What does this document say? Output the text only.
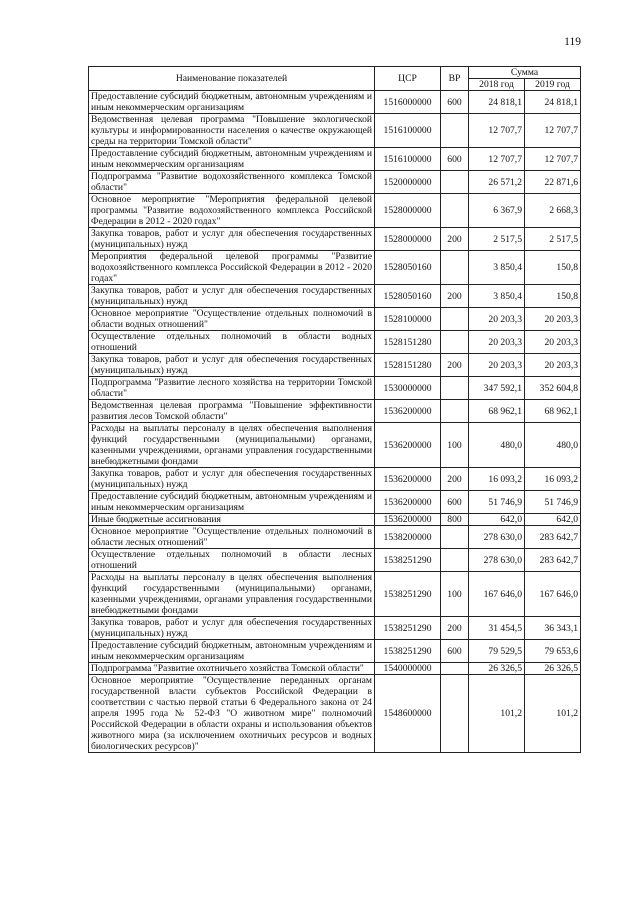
119
Наименование показателей	ЦСР	ВР	Сумма	
			2018 год	2019 год
Предоставление субсидий бюджетным, автономным учреждениям и иным некоммерческим организациям	1516000000	600	24 818,1	24 818,1
Ведомственная целевая программа "Повышение экологической культуры и информированности населения о качестве окружающей среды на территории Томской области"	1516100000		12 707,7	12 707,7
Предоставление субсидий бюджетным, автономным учреждениям и иным некоммерческим организациям	1516100000	600	12 707,7	12 707,7
Подпрограмма "Развитие водохозяйственного комплекса Томской области"	1520000000		26 571,2	22 871,6
Основное мероприятие "Мероприятия федеральной целевой программы "Развитие водохозяйственного комплекса Российской Федерации в 2012 - 2020 годах"	1528000000		6 367,9	2 668,3
Закупка товаров, работ и услуг для обеспечения государственных (муниципальных) нужд	1528000000	200	2 517,5	2 517,5
Мероприятия федеральной целевой программы "Развитие водохозяйственного комплекса Российской Федерации в 2012 - 2020 годах"	1528050160		3 850,4	150,8
Закупка товаров, работ и услуг для обеспечения государственных (муниципальных) нужд	1528050160	200	3 850,4	150,8
Основное мероприятие "Осуществление отдельных полномочий в области водных отношений"	1528100000		20 203,3	20 203,3
Осуществление отдельных полномочий в области водных отношений	1528151280		20 203,3	20 203,3
Закупка товаров, работ и услуг для обеспечения государственных (муниципальных) нужд	1528151280	200	20 203,3	20 203,3
Подпрограмма "Развитие лесного хозяйства на территории Томской области"	1530000000		347 592,1	352 604,8
Ведомственная целевая программа "Повышение эффективности развития лесов Томской области"	1536200000		68 962,1	68 962,1
Расходы на выплаты персоналу в целях обеспечения выполнения функций государственными (муниципальными) органами, казенными учреждениями, органами управления государственными внебюджетными фондами	1536200000	100	480,0	480,0
Закупка товаров, работ и услуг для обеспечения государственных (муниципальных) нужд	1536200000	200	16 093,2	16 093,2
Предоставление субсидий бюджетным, автономным учреждениям и иным некоммерческим организациям	1536200000	600	51 746,9	51 746,9
Иные бюджетные ассигнования	1536200000	800	642,0	642,0
Основное мероприятие "Осуществление отдельных полномочий в области лесных отношений"	1538200000		278 630,0	283 642,7
Осуществление отдельных полномочий в области лесных отношений	1538251290		278 630,0	283 642,7
Расходы на выплаты персоналу в целях обеспечения выполнения функций государственными (муниципальными) органами, казенными учреждениями, органами управления государственными внебюджетными фондами	1538251290	100	167 646,0	167 646,0
Закупка товаров, работ и услуг для обеспечения государственных (муниципальных) нужд	1538251290	200	31 454,5	36 343,1
Предоставление субсидий бюджетным, автономным учреждениям и иным некоммерческим организациям	1538251290	600	79 529,5	79 653,6
Подпрограмма "Развитие охотничьего хозяйства Томской области"	1540000000		26 326,5	26 326,5
Основное мероприятие "Осуществление переданных органам государственной власти субъектов Российской Федерации в соответствии с частью первой статьи 6 Федерального закона от 24 апреля 1995 года № 52-ФЗ "О животном мире" полномочий Российской Федерации в области охраны и использования объектов животного мира (за исключением охотничьих ресурсов и водных биологических ресурсов)"	1548600000		101,2	101,2
